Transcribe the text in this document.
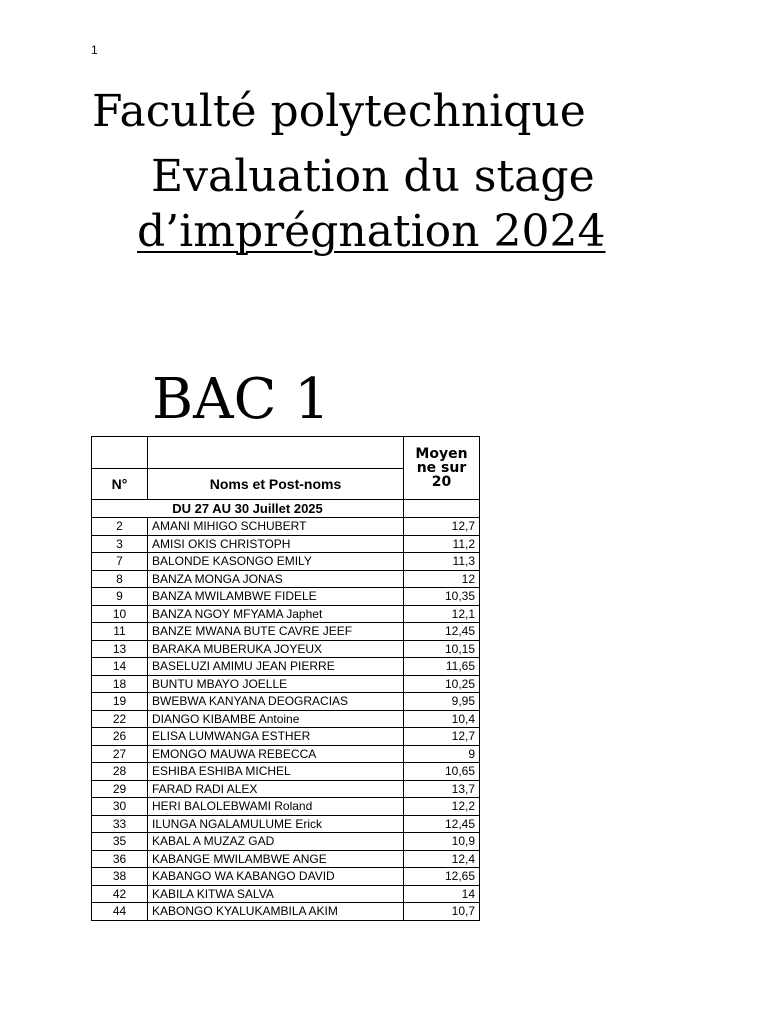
1
Faculté polytechnique
Evaluation du stage
d’imprégnation 2024
BAC 1
		Moyen
ne sur
20
N°	Noms et Post-noms	
DU 27 AU 30 Juillet 2025		
2	AMANI MIHIGO SCHUBERT	12,7
3	AMISI OKIS CHRISTOPH	11,2
7	BALONDE KASONGO EMILY	11,3
8	BANZA MONGA JONAS	12
9	BANZA MWILAMBWE FIDELE	10,35
10	BANZA NGOY MFYAMA Japhet	12,1
11	BANZE MWANA BUTE CAVRE JEEF	12,45
13	BARAKA MUBERUKA JOYEUX	10,15
14	BASELUZI AMIMU JEAN PIERRE	11,65
18	BUNTU MBAYO JOELLE	10,25
19	BWEBWA KANYANA DEOGRACIAS	9,95
22	DIANGO KIBAMBE Antoine	10,4
26	ELISA LUMWANGA ESTHER	12,7
27	EMONGO MAUWA REBECCA	9
28	ESHIBA ESHIBA MICHEL	10,65
29	FARAD RADI ALEX	13,7
30	HERI BALOLEBWAMI Roland	12,2
33	ILUNGA NGALAMULUME Erick	12,45
35	KABAL A MUZAZ GAD	10,9
36	KABANGE MWILAMBWE ANGE	12,4
38	KABANGO WA KABANGO DAVID	12,65
42	KABILA KITWA SALVA	14
44	KABONGO KYALUKAMBILA AKIM	10,7
